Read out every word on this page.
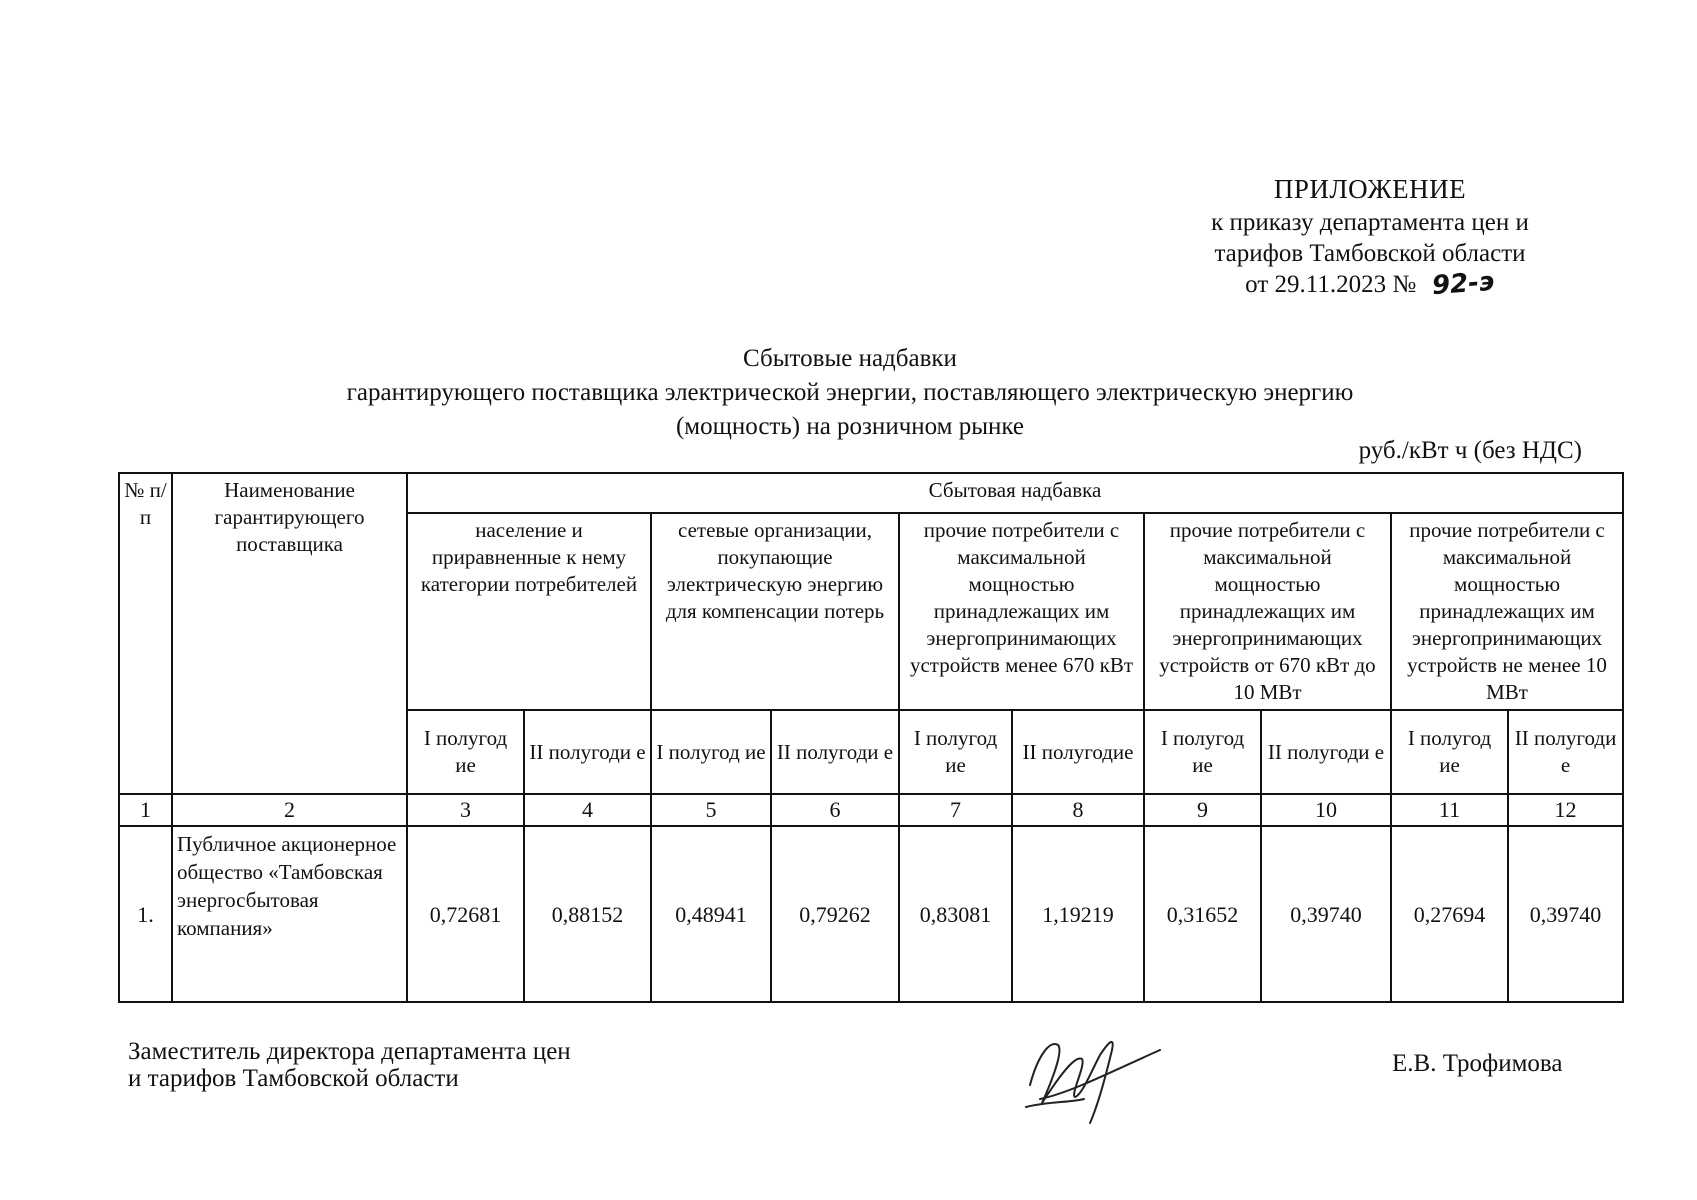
ПРИЛОЖЕНИЕ
к приказу департамента цен и
тарифов Тамбовской области
от 29.11.2023 № 92-э
Сбытовые надбавки
гарантирующего поставщика электрической энергии, поставляющего электрическую энергию
(мощность) на розничном рынке
руб./кВт ч (без НДС)
№ п/п	Наименование гарантирующего поставщика	Сбытовая надбавка									
		население и приравненные к нему категории потребителей		сетевые организации, покупающие электрическую энергию для компенсации потерь		прочие потребители с максимальной мощностью принадлежащих им энергопринимающих устройств менее 670 кВт		прочие потребители с максимальной мощностью принадлежащих им энергопринимающих устройств от 670 кВт до 10 МВт		прочие потребители с максимальной мощностью принадлежащих им энергопринимающих устройств не менее 10 МВт	
		I полугод ие	II полугоди е	I полугод ие	II полугоди е	I полугод ие	II полугодие	I полугод ие	II полугоди е	I полугод ие	II полугоди е
1	2	3	4	5	6	7	8	9	10	11	12
1.	Публичное акционерное общество «Тамбовская энергосбытовая компания»	0,72681	0,88152	0,48941	0,79262	0,83081	1,19219	0,31652	0,39740	0,27694	0,39740
Заместитель директора департамента цен
и тарифов Тамбовской области
Е.В. Трофимова
